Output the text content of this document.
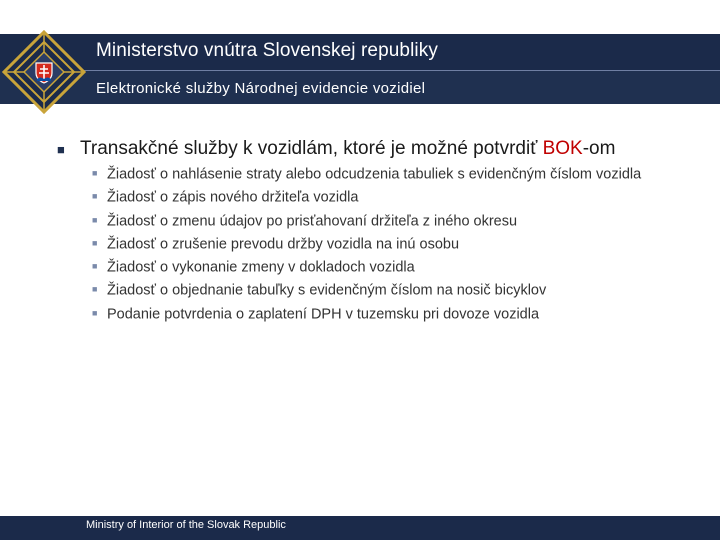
Ministerstvo vnútra Slovenskej republiky
Elektronické služby Národnej evidencie vozidiel
■ Transakčné služby k vozidlám, ktoré je možné potvrdiť BOK-om
■ Žiadosť o nahlásenie straty alebo odcudzenia tabuliek s evidenčným číslom vozidla
■ Žiadosť o zápis nového držiteľa vozidla
■ Žiadosť o zmenu údajov po prisťahovaní držiteľa z iného okresu
■ Žiadosť o zrušenie prevodu držby vozidla na inú osobu
■ Žiadosť o vykonanie zmeny v dokladoch vozidla
■ Žiadosť o objednanie tabuľky s evidenčným číslom na nosič bicyklov
■ Podanie potvrdenia o zaplatení DPH v tuzemsku pri dovoze vozidla
Ministry of Interior of the Slovak Republic
